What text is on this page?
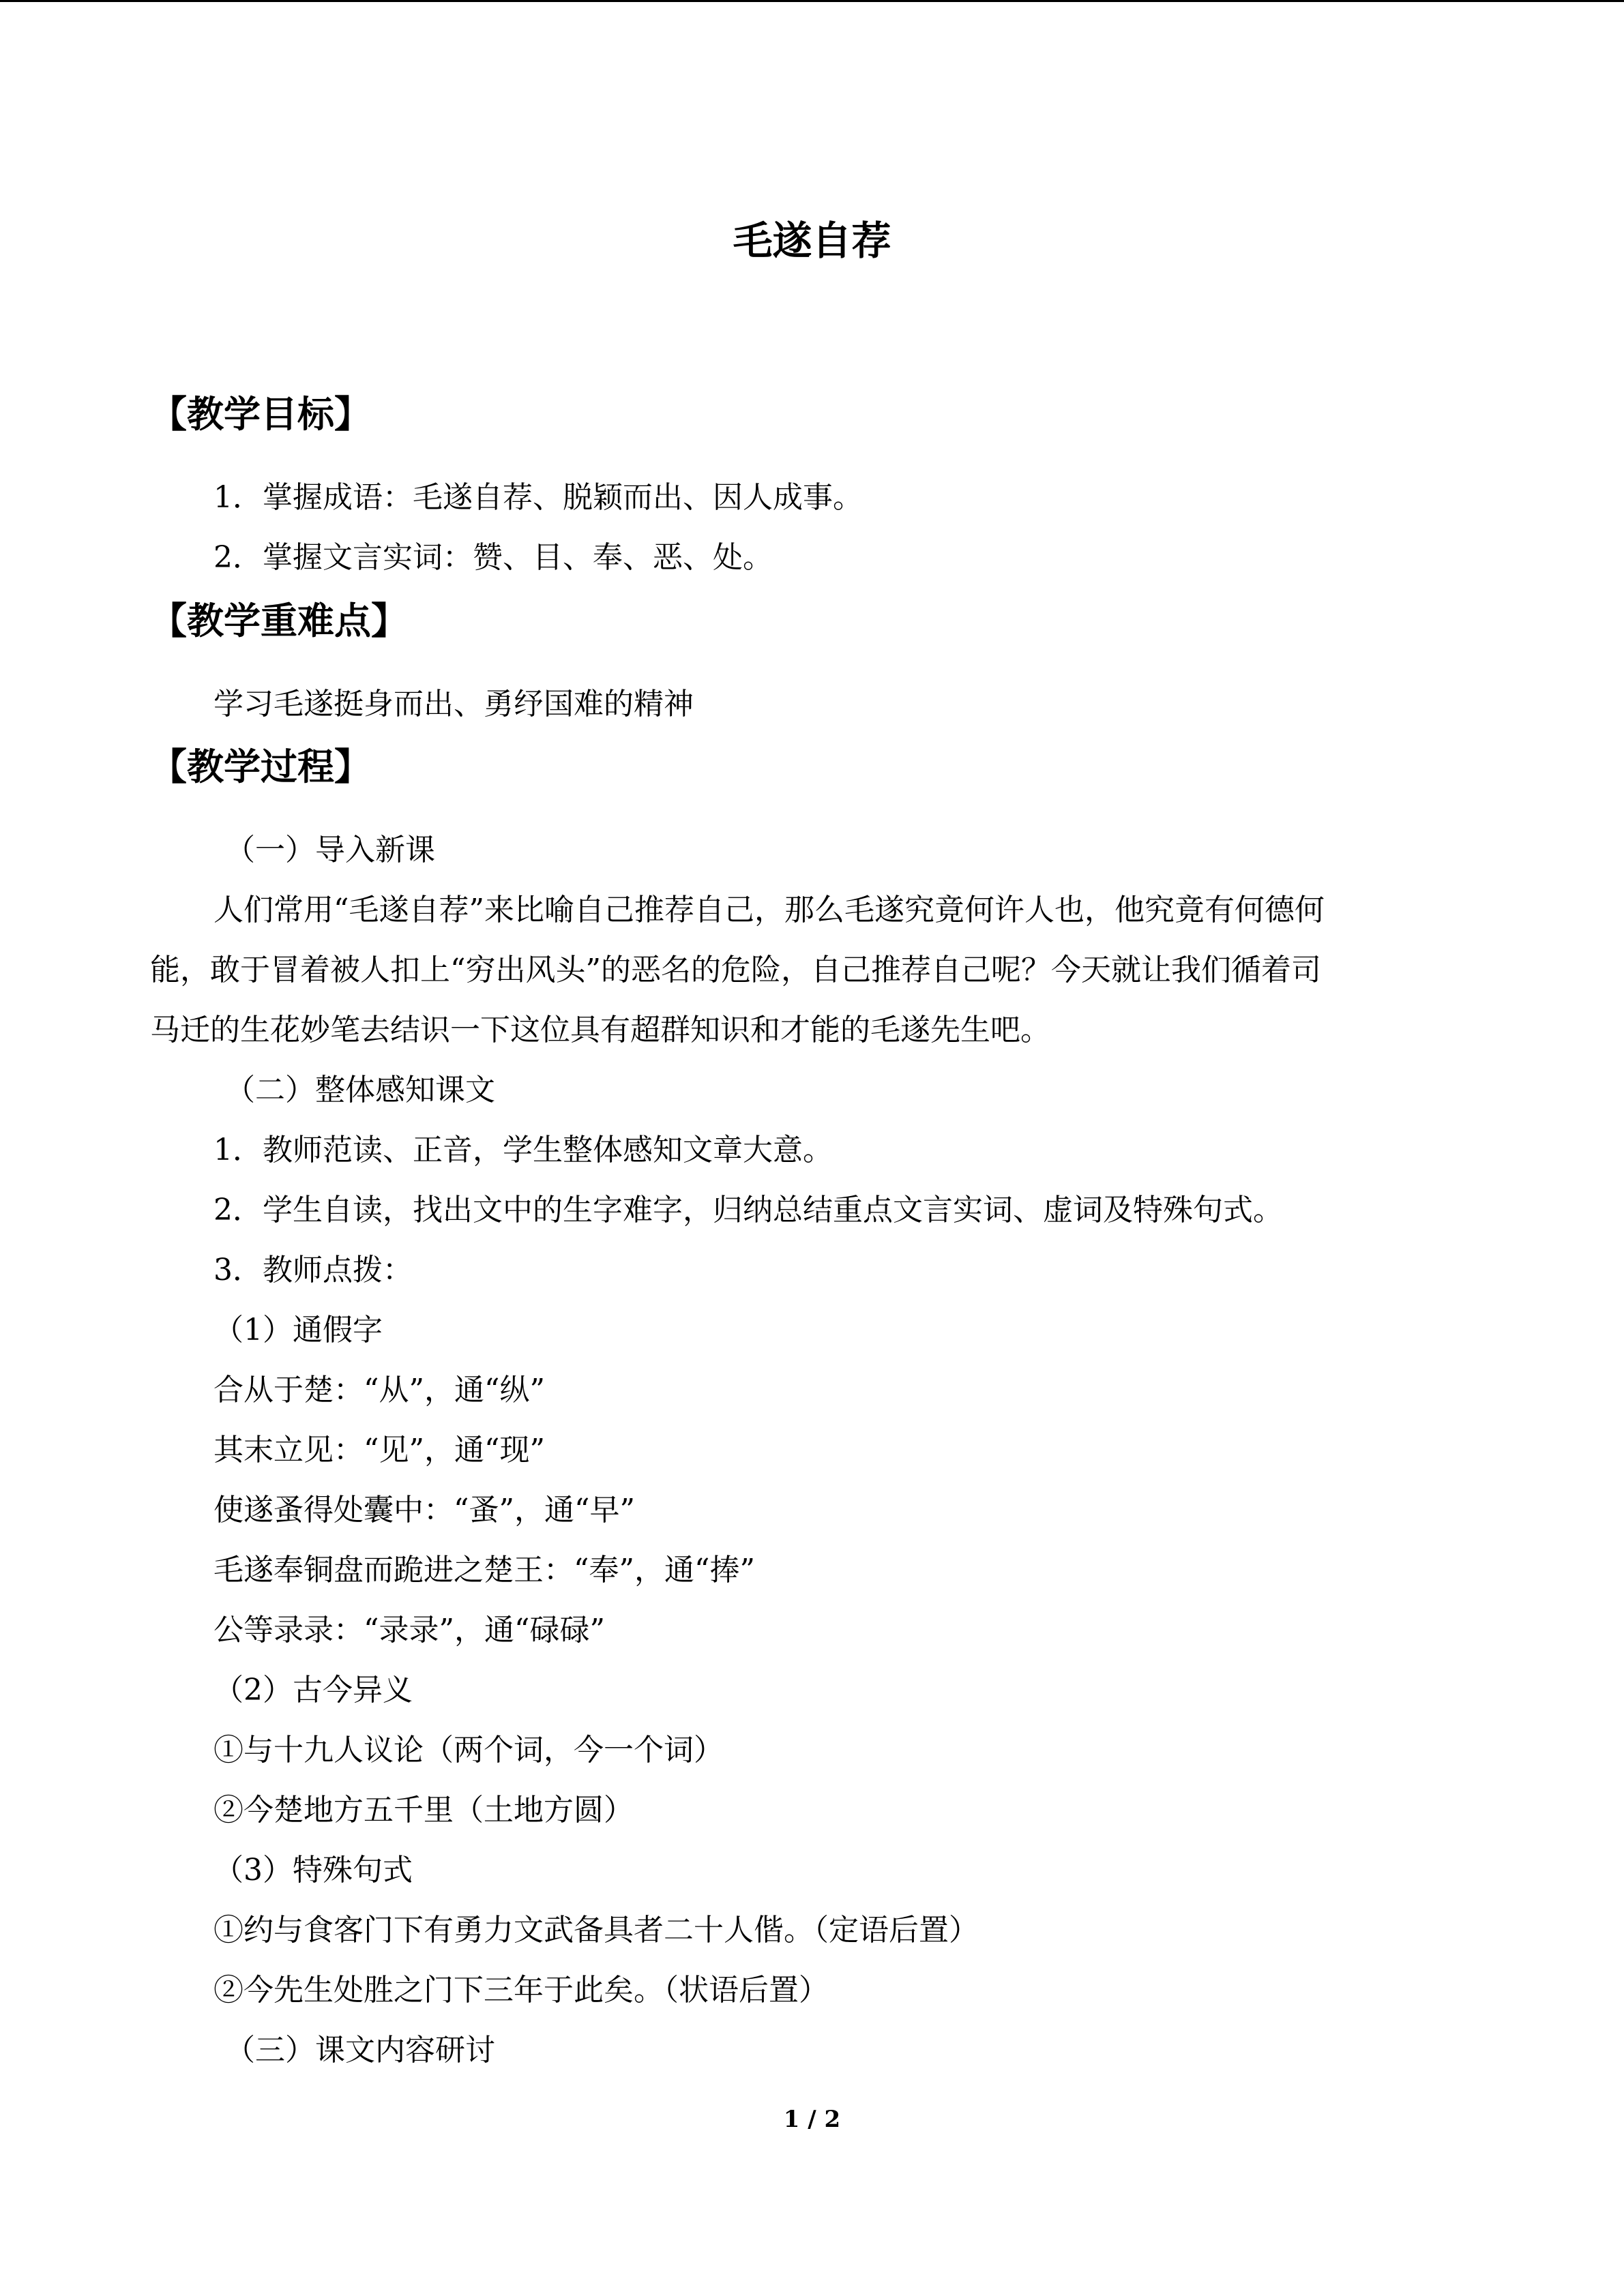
毛遂自荐
【教学目标】
1．掌握成语：毛遂自荐、脱颖而出、因人成事。
2．掌握文言实词：赞、目、奉、恶、处。
【教学重难点】
学习毛遂挺身而出、勇纾国难的精神
【教学过程】
（一）导入新课
人们常用“毛遂自荐”来比喻自己推荐自己，那么毛遂究竟何许人也，他究竟有何德何
能，敢于冒着被人扣上“穷出风头”的恶名的危险，自己推荐自己呢？今天就让我们循着司
马迁的生花妙笔去结识一下这位具有超群知识和才能的毛遂先生吧。
（二）整体感知课文
1．教师范读、正音，学生整体感知文章大意。
2．学生自读，找出文中的生字难字，归纳总结重点文言实词、虚词及特殊句式。
3．教师点拨：
（1）通假字
合从于楚：“从”，通“纵”
其末立见：“见”，通“现”
使遂蚤得处囊中：“蚤”，通“早”
毛遂奉铜盘而跪进之楚王：“奉”，通“捧”
公等录录：“录录”，通“碌碌”
（2）古今异义
①与十九人议论（两个词，今一个词）
②今楚地方五千里（土地方圆）
（3）特殊句式
①约与食客门下有勇力文武备具者二十人偕。（定语后置）
②今先生处胜之门下三年于此矣。（状语后置）
（三）课文内容研讨
1 / 2
